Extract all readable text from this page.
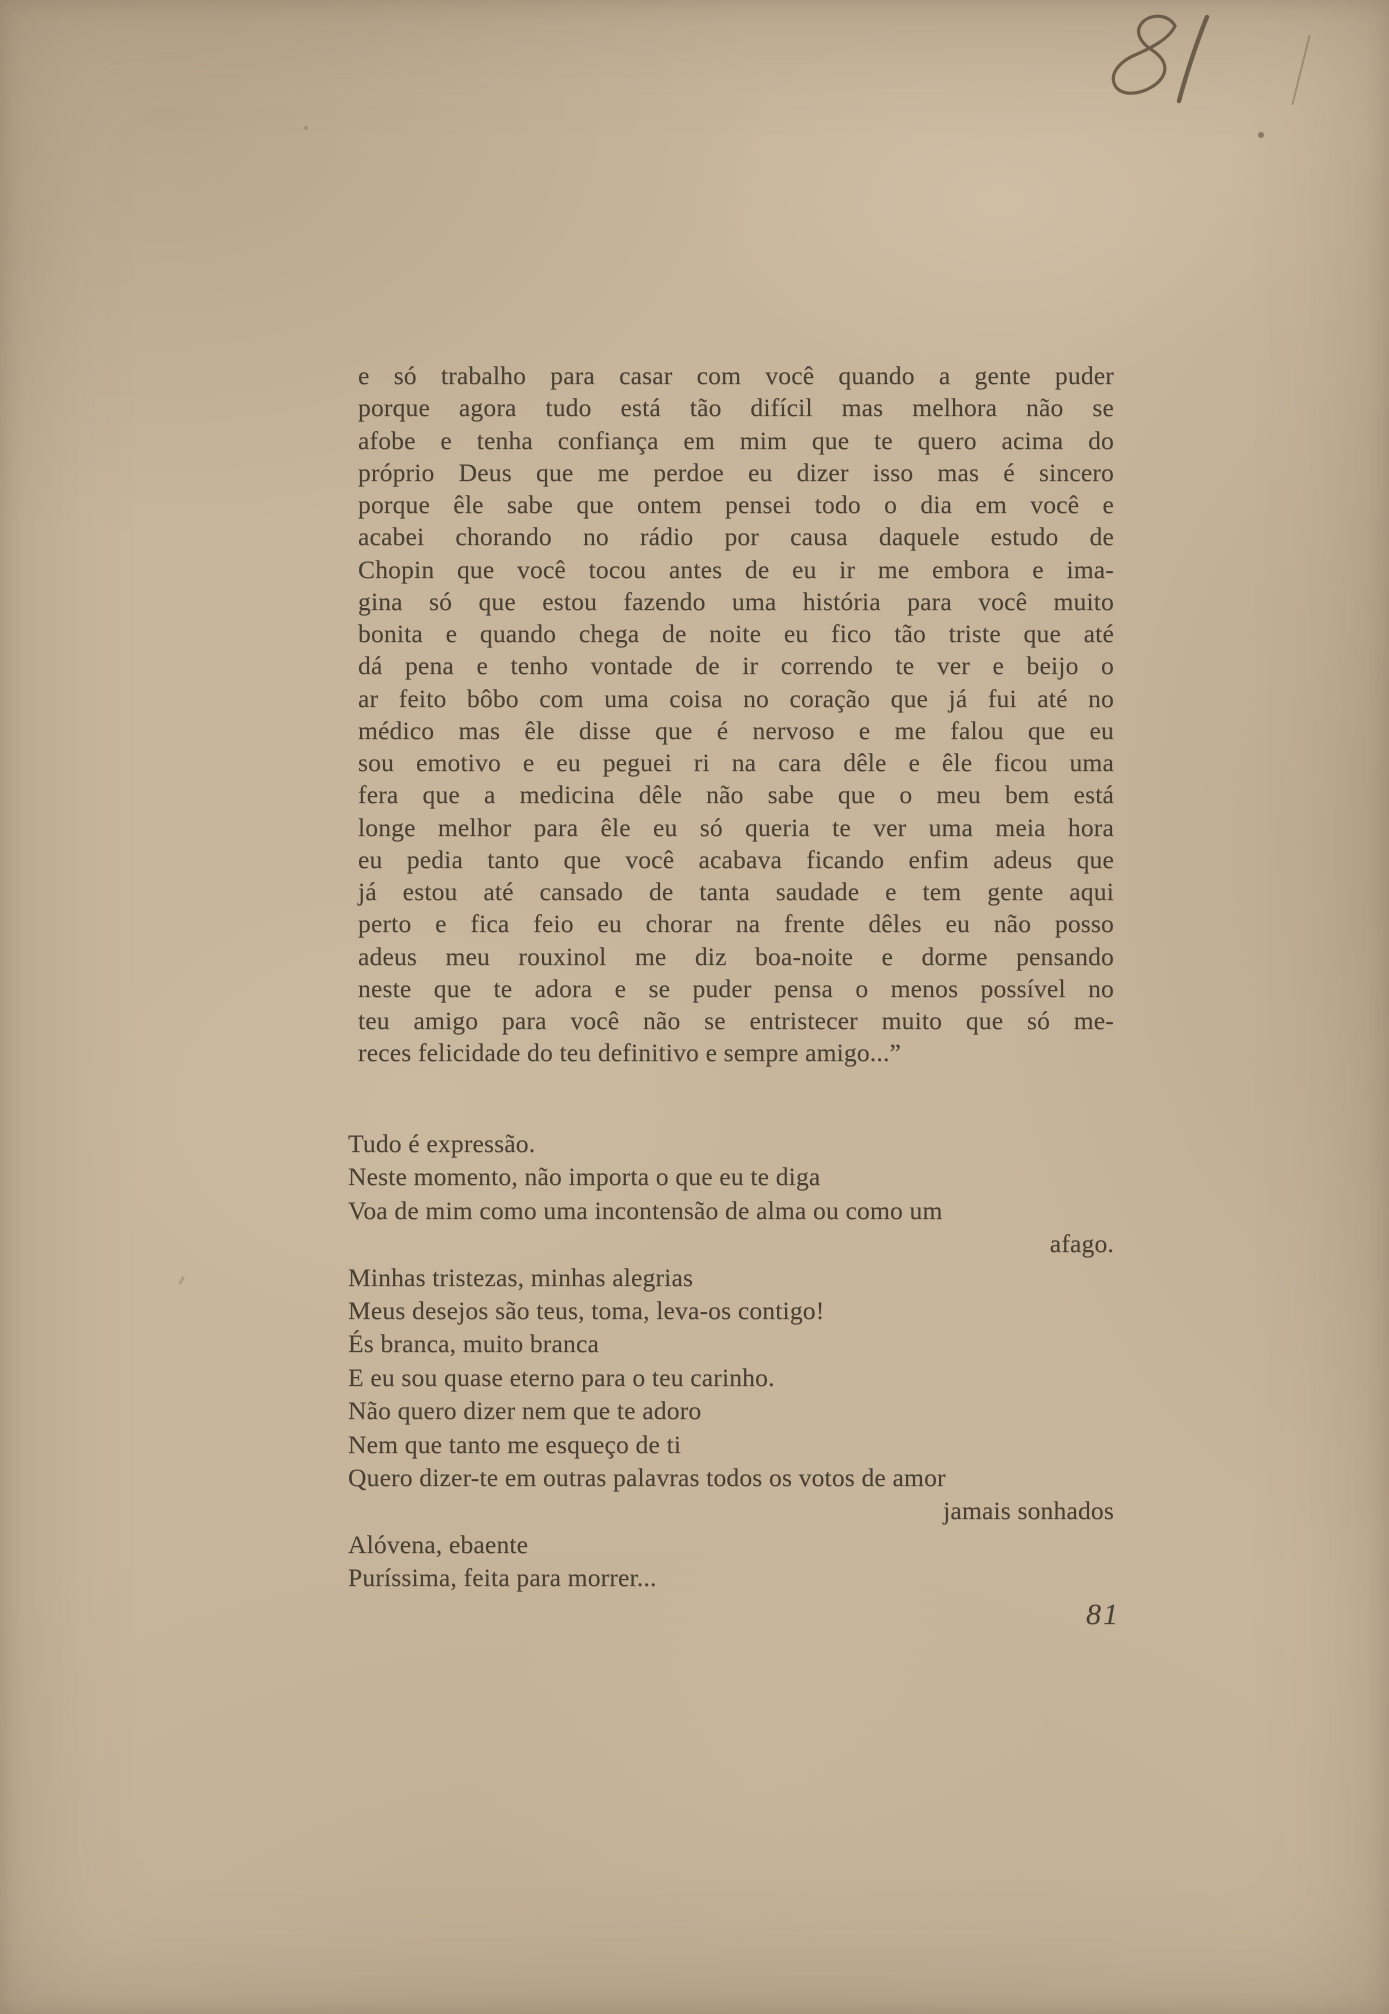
e só trabalho para casar com você quando a gente puder
porque agora tudo está tão difícil mas melhora não se
afobe e tenha confiança em mim que te quero acima do
próprio Deus que me perdoe eu dizer isso mas é sincero
porque êle sabe que ontem pensei todo o dia em você e
acabei chorando no rádio por causa daquele estudo de
Chopin que você tocou antes de eu ir me embora e ima-
gina só que estou fazendo uma história para você muito
bonita e quando chega de noite eu fico tão triste que até
dá pena e tenho vontade de ir correndo te ver e beijo o
ar feito bôbo com uma coisa no coração que já fui até no
médico mas êle disse que é nervoso e me falou que eu
sou emotivo e eu peguei ri na cara dêle e êle ficou uma
fera que a medicina dêle não sabe que o meu bem está
longe melhor para êle eu só queria te ver uma meia hora
eu pedia tanto que você acabava ficando enfim adeus que
já estou até cansado de tanta saudade e tem gente aqui
perto e fica feio eu chorar na frente dêles eu não posso
adeus meu rouxinol me diz boa-noite e dorme pensando
neste que te adora e se puder pensa o menos possível no
teu amigo para você não se entristecer muito que só me-
reces felicidade do teu definitivo e sempre amigo...”
Tudo é expressão.
Neste momento, não importa o que eu te diga
Voa de mim como uma incontensão de alma ou como um
afago.
Minhas tristezas, minhas alegrias
Meus desejos são teus, toma, leva-os contigo!
És branca, muito branca
E eu sou quase eterno para o teu carinho.
Não quero dizer nem que te adoro
Nem que tanto me esqueço de ti
Quero dizer-te em outras palavras todos os votos de amor
jamais sonhados
Alóvena, ebaente
Puríssima, feita para morrer...
81
